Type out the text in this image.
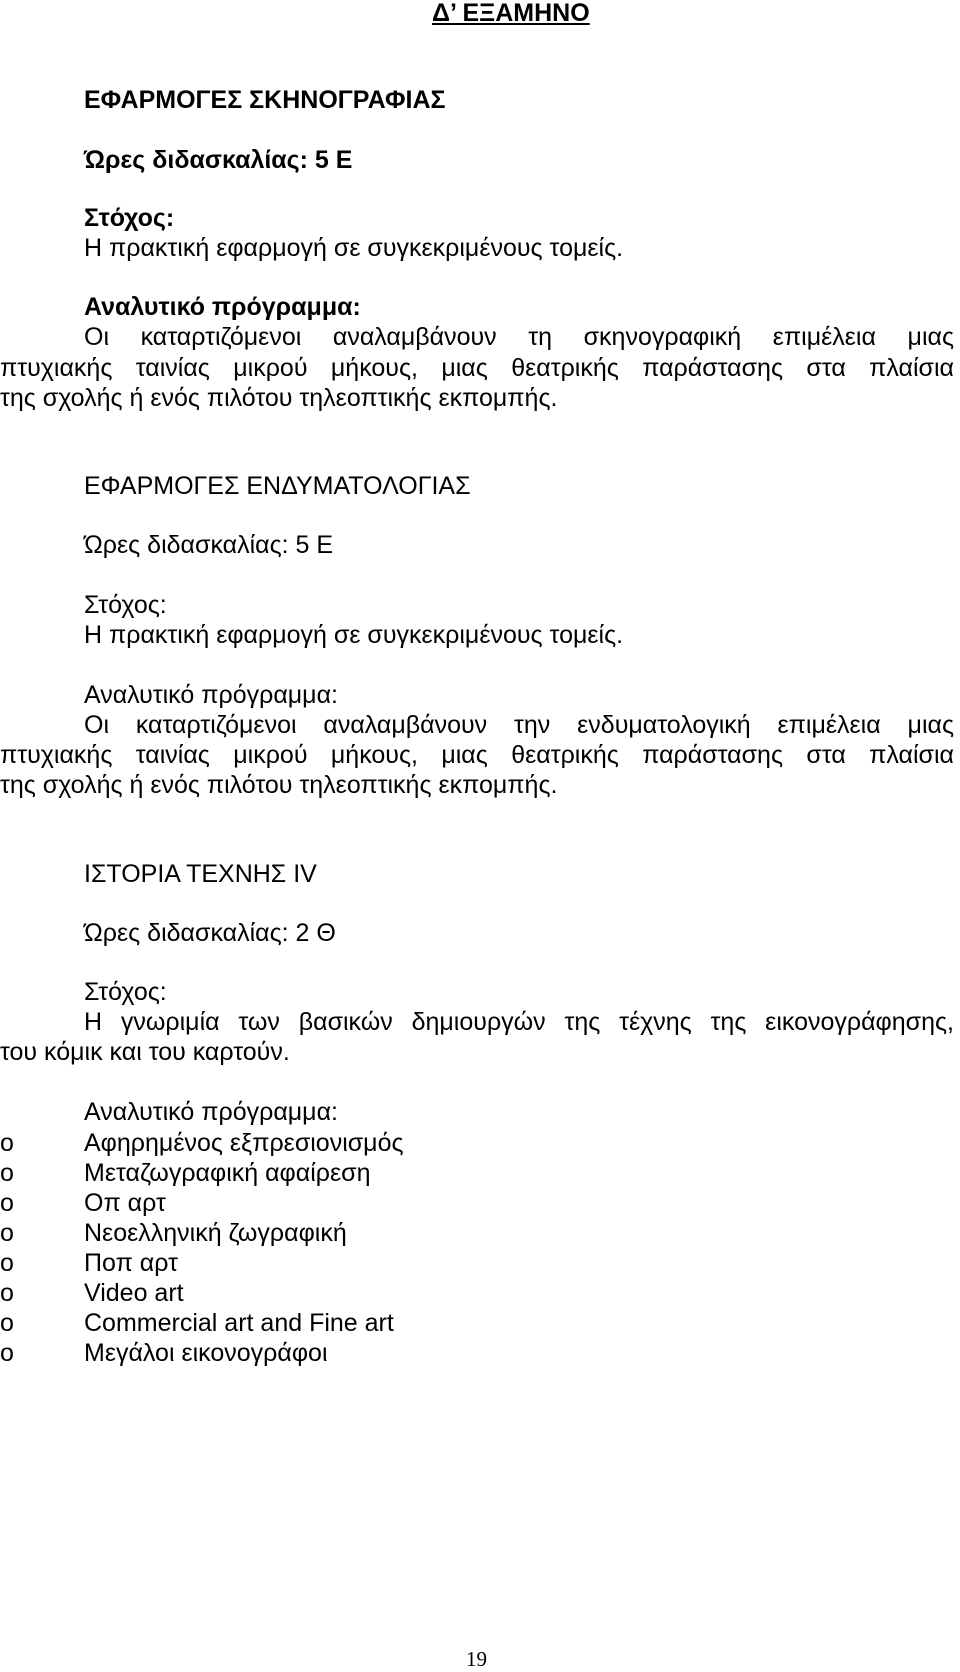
Δ’ ΕΞΑΜΗΝΟ
ΕΦΑΡΜΟΓΕΣ ΣΚΗΝΟΓΡΑΦΙΑΣ
Ώρες διδασκαλίας: 5 Ε
Στόχος:
Η πρακτική εφαρμογή σε συγκεκριμένους τομείς.
Αναλυτικό πρόγραμμα:
Οι καταρτιζόμενοι αναλαμβάνουν τη σκηνογραφική επιμέλεια μιας
πτυχιακής ταινίας μικρού μήκους, μιας θεατρικής παράστασης στα πλαίσια
της σχολής ή ενός πιλότου τηλεοπτικής εκπομπής.
ΕΦΑΡΜΟΓΕΣ ΕΝΔΥΜΑΤΟΛΟΓΙΑΣ
Ώρες διδασκαλίας: 5 Ε
Στόχος:
Η πρακτική εφαρμογή σε συγκεκριμένους τομείς.
Αναλυτικό πρόγραμμα:
Οι καταρτιζόμενοι αναλαμβάνουν την ενδυματολογική επιμέλεια μιας
πτυχιακής ταινίας μικρού μήκους, μιας θεατρικής παράστασης στα πλαίσια
της σχολής ή ενός πιλότου τηλεοπτικής εκπομπής.
ΙΣΤΟΡΙΑ ΤΕΧΝΗΣ IV
Ώρες διδασκαλίας: 2 Θ
Στόχος:
Η γνωριμία των βασικών δημιουργών της τέχνης της εικονογράφησης,
του κόμικ και του καρτούν.
Αναλυτικό πρόγραμμα:
o	Αφηρημένος εξπρεσιονισμός
o	Μεταζωγραφική αφαίρεση
o	Οπ αρτ
o	Νεοελληνική ζωγραφική
o	Ποπ αρτ
o	Video art
o	Commercial art and Fine art
o	Μεγάλοι εικονογράφοι
19
